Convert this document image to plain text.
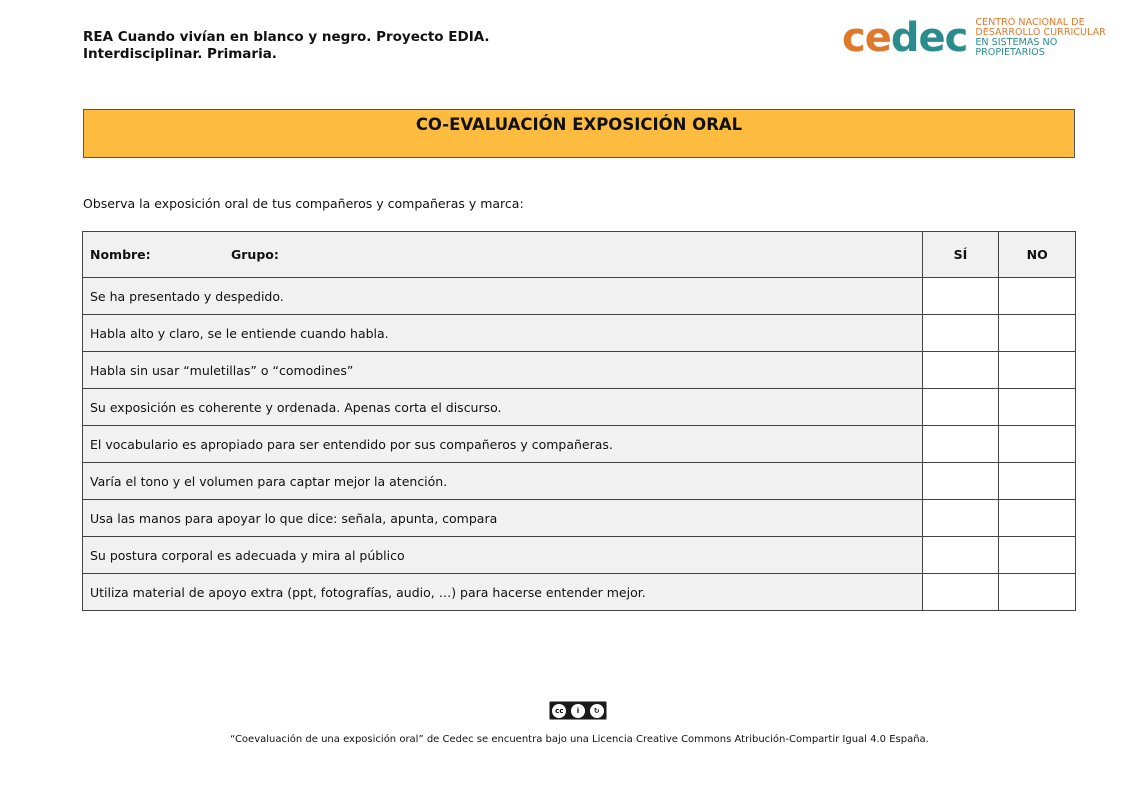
REA Cuando vivían en blanco y negro. Proyecto EDIA.
Interdisciplinar. Primaria.	cedec CENTRO NACIONAL DE
DESARROLLO CURRICULAR
EN SISTEMAS NO PROPIETARIOS
CO-EVALUACIÓN EXPOSICIÓN ORAL
Observa la exposición oral de tus compañeros y compañeras y marca:
Nombre: Grupo:	SÍ	NO
Se ha presentado y despedido.		
Habla alto y claro, se le entiende cuando habla.		
Habla sin usar “muletillas” o “comodines”		
Su exposición es coherente y ordenada. Apenas corta el discurso.		
El vocabulario es apropiado para ser entendido por sus compañeros y compañeras.		
Varía el tono y el volumen para captar mejor la atención.		
Usa las manos para apoyar lo que dice: señala, apunta, compara		
Su postura corporal es adecuada y mira al público		
Utiliza material de apoyo extra (ppt, fotografías, audio, …) para hacerse entender mejor.		
cc	i	↻
“Coevaluación de una exposición oral” de Cedec se encuentra bajo una Licencia Creative Commons Atribución-Compartir Igual 4.0 España.
